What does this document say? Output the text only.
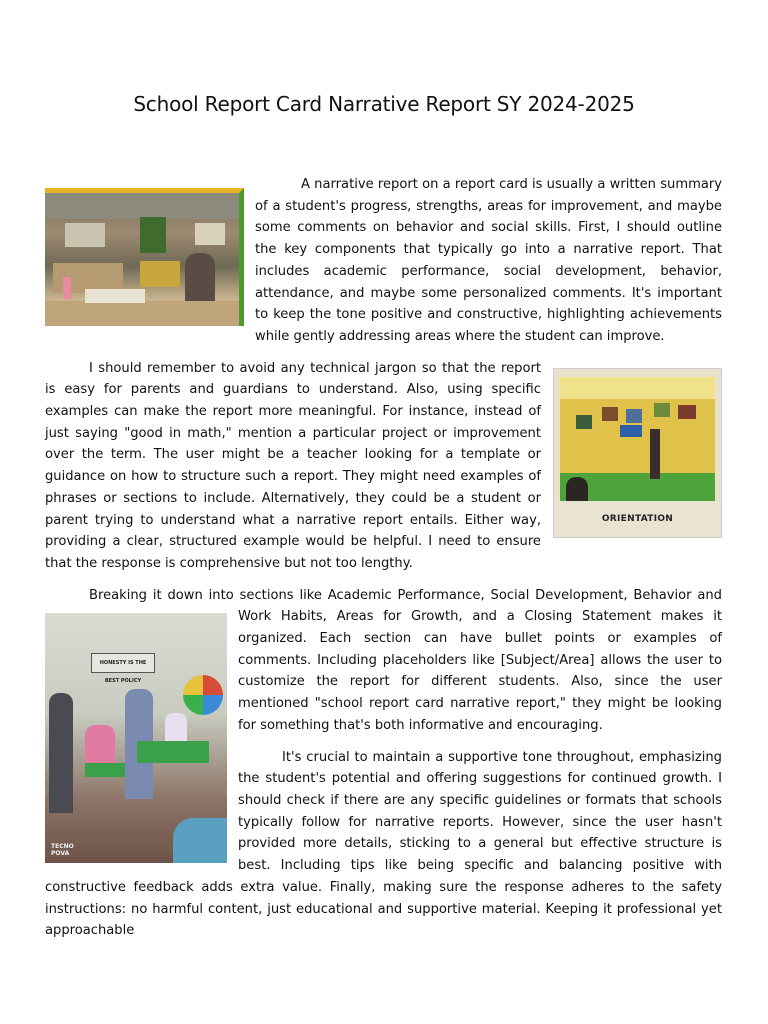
School Report Card Narrative Report SY 2024-2025

A narrative report on a report card is usually a written summary of a student's progress, strengths, areas for improvement, and maybe some comments on behavior and social skills. First, I should outline the key components that typically go into a narrative report. That includes academic performance, social development, behavior, attendance, and maybe some personalized comments. It's important to keep the tone positive and constructive, highlighting achievements while gently addressing areas where the student can improve.

ORIENTATION

I should remember to avoid any technical jargon so that the report is easy for parents and guardians to understand. Also, using specific examples can make the report more meaningful. For instance, instead of just saying "good in math," mention a particular project or improvement over the term. The user might be a teacher looking for a template or guidance on how to structure such a report. They might need examples of phrases or sections to include. Alternatively, they could be a student or parent trying to understand what a narrative report entails. Either way, providing a clear, structured example would be helpful. I need to ensure that the response is comprehensive but not too lengthy.

Breaking it down into sections like Academic Performance, Social Development, Behavior and Work Habits, Areas for Growth, and a Closing Statement makes it organized. Each section can have bullet points or examples of comments. Including placeholders like [Subject/Area] allows the user to customize the report for different students. Also, since the user mentioned "school report card narrative report," they might be looking for something that's both informative and encouraging.

It's crucial to maintain a supportive tone throughout, emphasizing the student's potential and offering suggestions for continued growth. I should check if there are any specific guidelines or formats that schools typically follow for narrative reports. However, since the user hasn't provided more details, sticking to a general but effective structure is best. Including tips like being specific and balancing positive with constructive feedback adds extra value. Finally, making sure the response adheres to the safety instructions: no harmful content, just educational and supportive material. Keeping it professional yet approachable

HONESTY IS THE BEST POLICY
TECNO
POVA
